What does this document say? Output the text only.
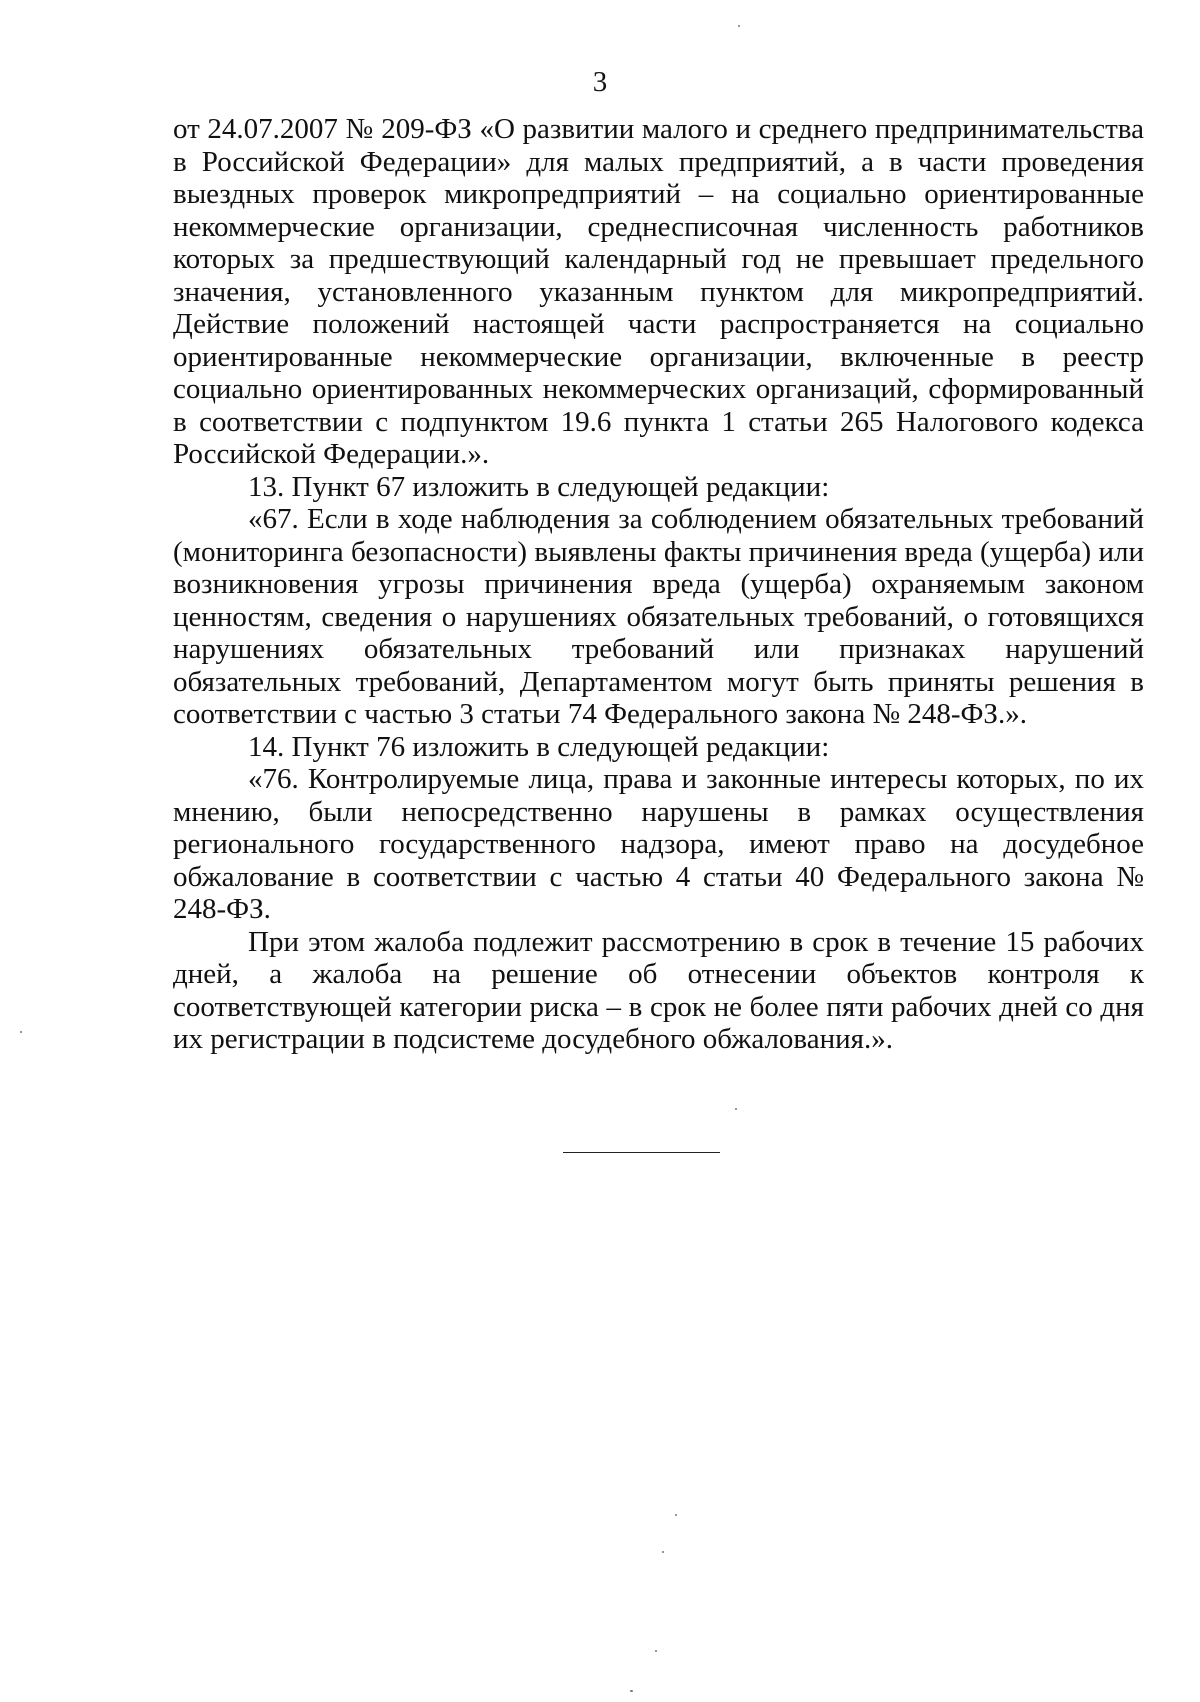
3

от 24.07.2007 № 209-ФЗ «О развитии малого и среднего предпринимательства в Российской Федерации» для малых предприятий, а в части проведения выездных проверок микропредприятий – на социально ориентированные некоммерческие организации, среднесписочная численность работников которых за предшествующий календарный год не превышает предельного значения, установленного указанным пунктом для микропредприятий. Действие положений настоящей части распространяется на социально ориентированные некоммерческие организации, включенные в реестр социально ориентированных некоммерческих организаций, сформированный в соответствии с подпунктом 19.6 пункта 1 статьи 265 Налогового кодекса Российской Федерации.».

13. Пункт 67 изложить в следующей редакции:

«67. Если в ходе наблюдения за соблюдением обязательных требований (мониторинга безопасности) выявлены факты причинения вреда (ущерба) или возникновения угрозы причинения вреда (ущерба) охраняемым законом ценностям, сведения о нарушениях обязательных требований, о готовящихся нарушениях обязательных требований или признаках нарушений обязательных требований, Департаментом могут быть приняты решения в соответствии с частью 3 статьи 74 Федерального закона № 248-ФЗ.».

14. Пункт 76 изложить в следующей редакции:

«76. Контролируемые лица, права и законные интересы которых, по их мнению, были непосредственно нарушены в рамках осуществления регионального государственного надзора, имеют право на досудебное обжалование в соответствии с частью 4 статьи 40 Федерального закона № 248-ФЗ.

При этом жалоба подлежит рассмотрению в срок в течение 15 рабочих дней, а жалоба на решение об отнесении объектов контроля к соответствующей категории риска – в срок не более пяти рабочих дней со дня их регистрации в подсистеме досудебного обжалования.».
